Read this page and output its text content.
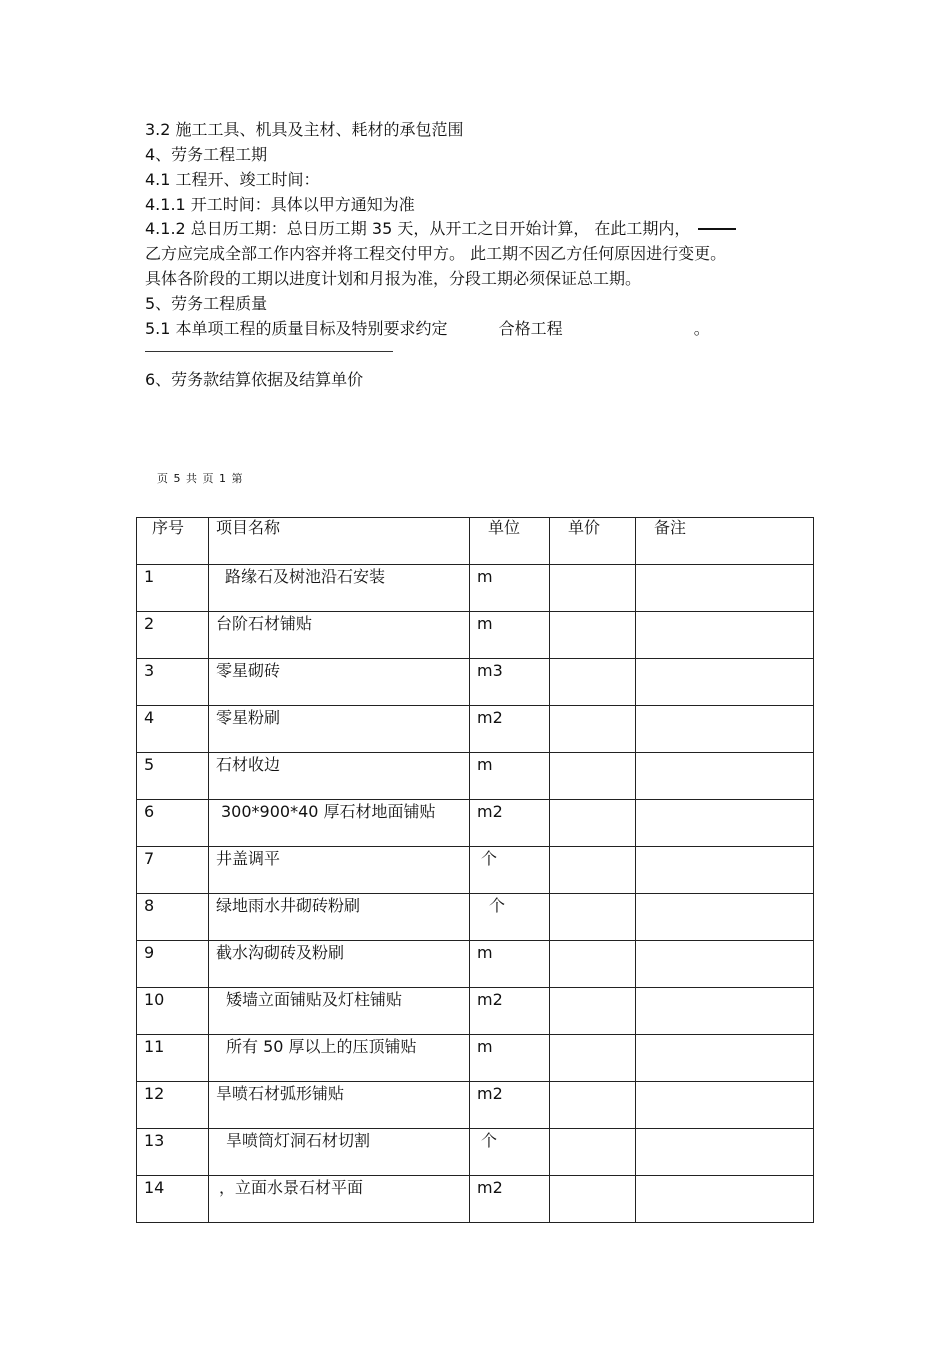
3.2 施工工具、机具及主材、耗材的承包范围
4、劳务工程工期
4.1 工程开、竣工时间：
4.1.1 开工时间：具体以甲方通知为准
4.1.2 总日历工期：总日历工期 35 天，从开工之日开始计算， 在此工期内，
乙方应完成全部工作内容并将工程交付甲方。 此工期不因乙方任何原因进行变更。
具体各阶段的工期以进度计划和月报为准，分段工期必须保证总工期。
5、劳务工程质量
5.1 本单项工程的质量目标及特别要求约定	合格工程	。
6、劳务款结算依据及结算单价
页 5 共 页 1 第
序号	项目名称	单位	单价	备注
1	路缘石及树池沿石安装	m		
2	台阶石材铺贴	m		
3	零星砌砖	m3		
4	零星粉刷	m2		
5	石材收边	m		
6	300*900*40 厚石材地面铺贴	m2		
7	井盖调平	个		
8	绿地雨水井砌砖粉刷	个		
9	截水沟砌砖及粉刷	m		
10	矮墙立面铺贴及灯柱铺贴	m2		
11	所有 50 厚以上的压顶铺贴	m		
12	旱喷石材弧形铺贴	m2		
13	旱喷筒灯洞石材切割	个		
14	，立面水景石材平面	m2		
